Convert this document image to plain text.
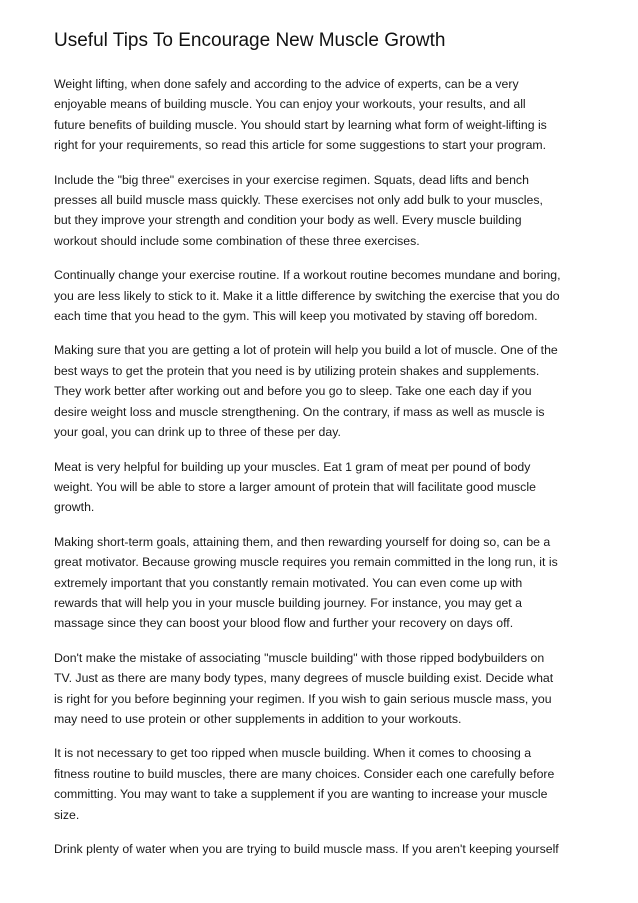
Useful Tips To Encourage New Muscle Growth

Weight lifting, when done safely and according to the advice of experts, can be a very
enjoyable means of building muscle. You can enjoy your workouts, your results, and all
future benefits of building muscle. You should start by learning what form of weight-lifting is
right for your requirements, so read this article for some suggestions to start your program.

Include the "big three" exercises in your exercise regimen. Squats, dead lifts and bench
presses all build muscle mass quickly. These exercises not only add bulk to your muscles,
but they improve your strength and condition your body as well. Every muscle building
workout should include some combination of these three exercises.

Continually change your exercise routine. If a workout routine becomes mundane and boring,
you are less likely to stick to it. Make it a little difference by switching the exercise that you do
each time that you head to the gym. This will keep you motivated by staving off boredom.

Making sure that you are getting a lot of protein will help you build a lot of muscle. One of the
best ways to get the protein that you need is by utilizing protein shakes and supplements.
They work better after working out and before you go to sleep. Take one each day if you
desire weight loss and muscle strengthening. On the contrary, if mass as well as muscle is
your goal, you can drink up to three of these per day.

Meat is very helpful for building up your muscles. Eat 1 gram of meat per pound of body
weight. You will be able to store a larger amount of protein that will facilitate good muscle
growth.

Making short-term goals, attaining them, and then rewarding yourself for doing so, can be a
great motivator. Because growing muscle requires you remain committed in the long run, it is
extremely important that you constantly remain motivated. You can even come up with
rewards that will help you in your muscle building journey. For instance, you may get a
massage since they can boost your blood flow and further your recovery on days off.

Don't make the mistake of associating "muscle building" with those ripped bodybuilders on
TV. Just as there are many body types, many degrees of muscle building exist. Decide what
is right for you before beginning your regimen. If you wish to gain serious muscle mass, you
may need to use protein or other supplements in addition to your workouts.

It is not necessary to get too ripped when muscle building. When it comes to choosing a
fitness routine to build muscles, there are many choices. Consider each one carefully before
committing. You may want to take a supplement if you are wanting to increase your muscle
size.

Drink plenty of water when you are trying to build muscle mass. If you aren't keeping yourself
